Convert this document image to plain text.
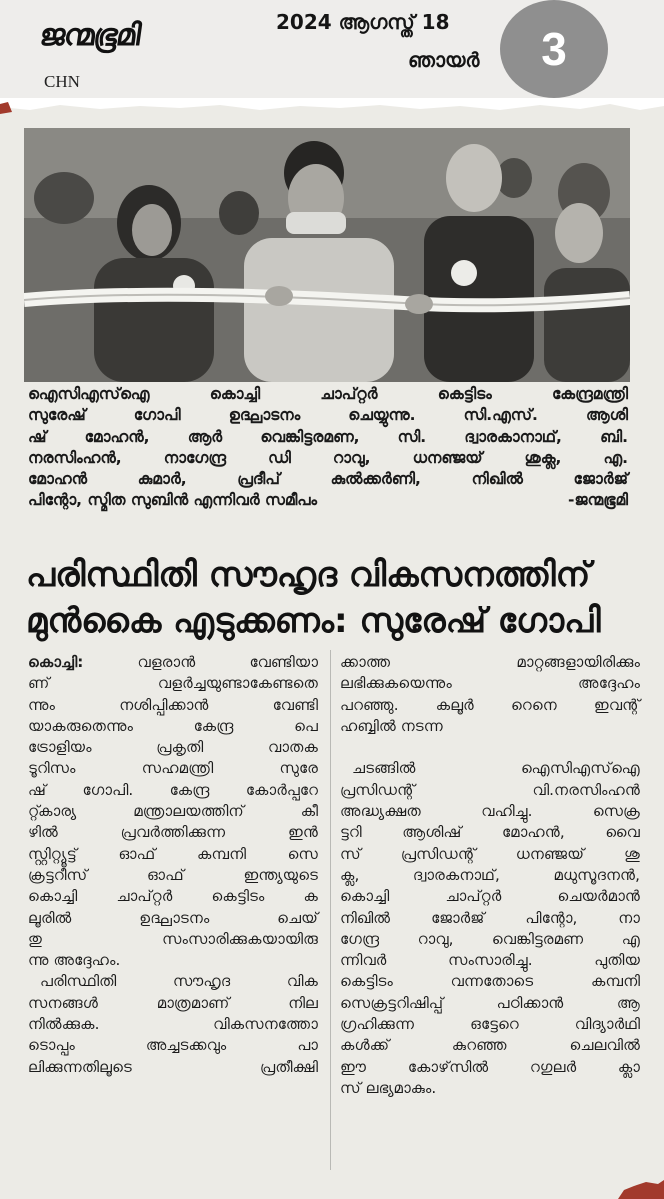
ജന്മഭൂമി
CHN
2024 ആഗസ്ത് 18
ഞായര്‍ 3
ഐസിഎസ്‌ഐ കൊച്ചി ചാപ്റ്റര്‍ കെട്ടിടം കേന്ദ്രമന്ത്രി
സുരേഷ് ഗോപി ഉദ്ഘാടനം ചെയ്യുന്നു. സി.എസ്. ആശി
ഷ് മോഹന്‍, ആര്‍ വെങ്കിട്ടരമണ, സി. ദ്വാരകാനാഥ്, ബി.
നരസിംഹന്‍, നാഗേന്ദ്ര ഡി റാവു, ധനഞ്ജയ് ശുക്ല, എ.
മോഹന്‍ കുമാര്‍, പ്രദീപ് കുല്‍ക്കര്‍ണി, നിഖില്‍ ജോര്‍ജ്
പിന്റോ, സ്മിത സുബിന്‍ എന്നിവര്‍ സമീപം	-ജന്മഭൂമി
പരിസ്ഥിതി സൗഹൃദ വികസനത്തിന്
മുന്‍കൈ എടുക്കണം: സുരേഷ് ഗോപി
കൊച്ചി: വളരാന്‍ വേണ്ടിയാ
ണ് വളര്‍ച്ചയുണ്ടാകേണ്ടതെ
ന്നും നശിപ്പിക്കാന്‍ വേണ്ടി
യാകരുതെന്നും കേന്ദ്ര പെ
ട്രോളിയം പ്രകൃതി വാതക
ടൂറിസം സഹമന്ത്രി സുരേ
ഷ് ഗോപി. കേന്ദ്ര കോര്‍പ്പറേ
റ്റ്കാര്യ മന്ത്രാലയത്തിന് കീ
ഴില്‍ പ്രവര്‍ത്തിക്കുന്ന ഇന്‍
സ്റ്റിറ്റ്യൂട്ട് ഓഫ് കമ്പനി സെ
ക്രട്ടറീസ് ഓഫ് ഇന്ത്യയുടെ
കൊച്ചി ചാപ്റ്റര്‍ കെട്ടിടം ക
ലൂരില്‍ ഉദ്ഘാടനം ചെയ്
തു സംസാരിക്കുകയായിരു
ന്നു അദ്ദേഹം.
പരിസ്ഥിതി സൗഹൃദ വിക
സനങ്ങള്‍ മാത്രമാണ് നില
നില്‍ക്കുക. വികസനത്തോ
ടൊപ്പം അച്ചടക്കവും പാ
ലിക്കുന്നതിലൂടെ പ്രതീക്ഷി
ക്കാത്ത മാറ്റങ്ങളായിരിക്കും
ലഭിക്കുകയെന്നും അദ്ദേഹം
പറഞ്ഞു. കലൂര്‍ റെനെ ഇവന്റ്
ഹബ്ബില്‍ നടന്ന
ചടങ്ങില്‍ ഐസിഎസ്‌ഐ
പ്രസിഡന്റ് വി.നരസിംഹന്‍
അദ്ധ്യക്ഷത വഹിച്ചു. സെക്ര
ട്ടറി ആശിഷ് മോഹന്‍, വൈ
സ് പ്രസിഡന്റ് ധനഞ്ജയ് ശു
ക്ല, ദ്വാരകനാഥ്, മധുസൂദനന്‍,
കൊച്ചി ചാപ്റ്റര്‍ ചെയര്‍മാന്‍
നിഖില്‍ ജോര്‍ജ് പിന്റോ, നാ
ഗേന്ദ്ര റാവു, വെങ്കിട്ടരമണ എ
ന്നിവര്‍ സംസാരിച്ചു. പുതിയ
കെട്ടിടം വന്നതോടെ കമ്പനി
സെക്രട്ടറിഷിപ്പ് പഠിക്കാന്‍ ആ
ഗ്രഹിക്കുന്ന ഒട്ടേറെ വിദ്യാര്‍ഥി
കള്‍ക്ക് കുറഞ്ഞ ചെലവില്‍
ഈ കോഴ്‌സില്‍ റഗുലര്‍ ക്ലാ
സ് ലഭ്യമാകും.
